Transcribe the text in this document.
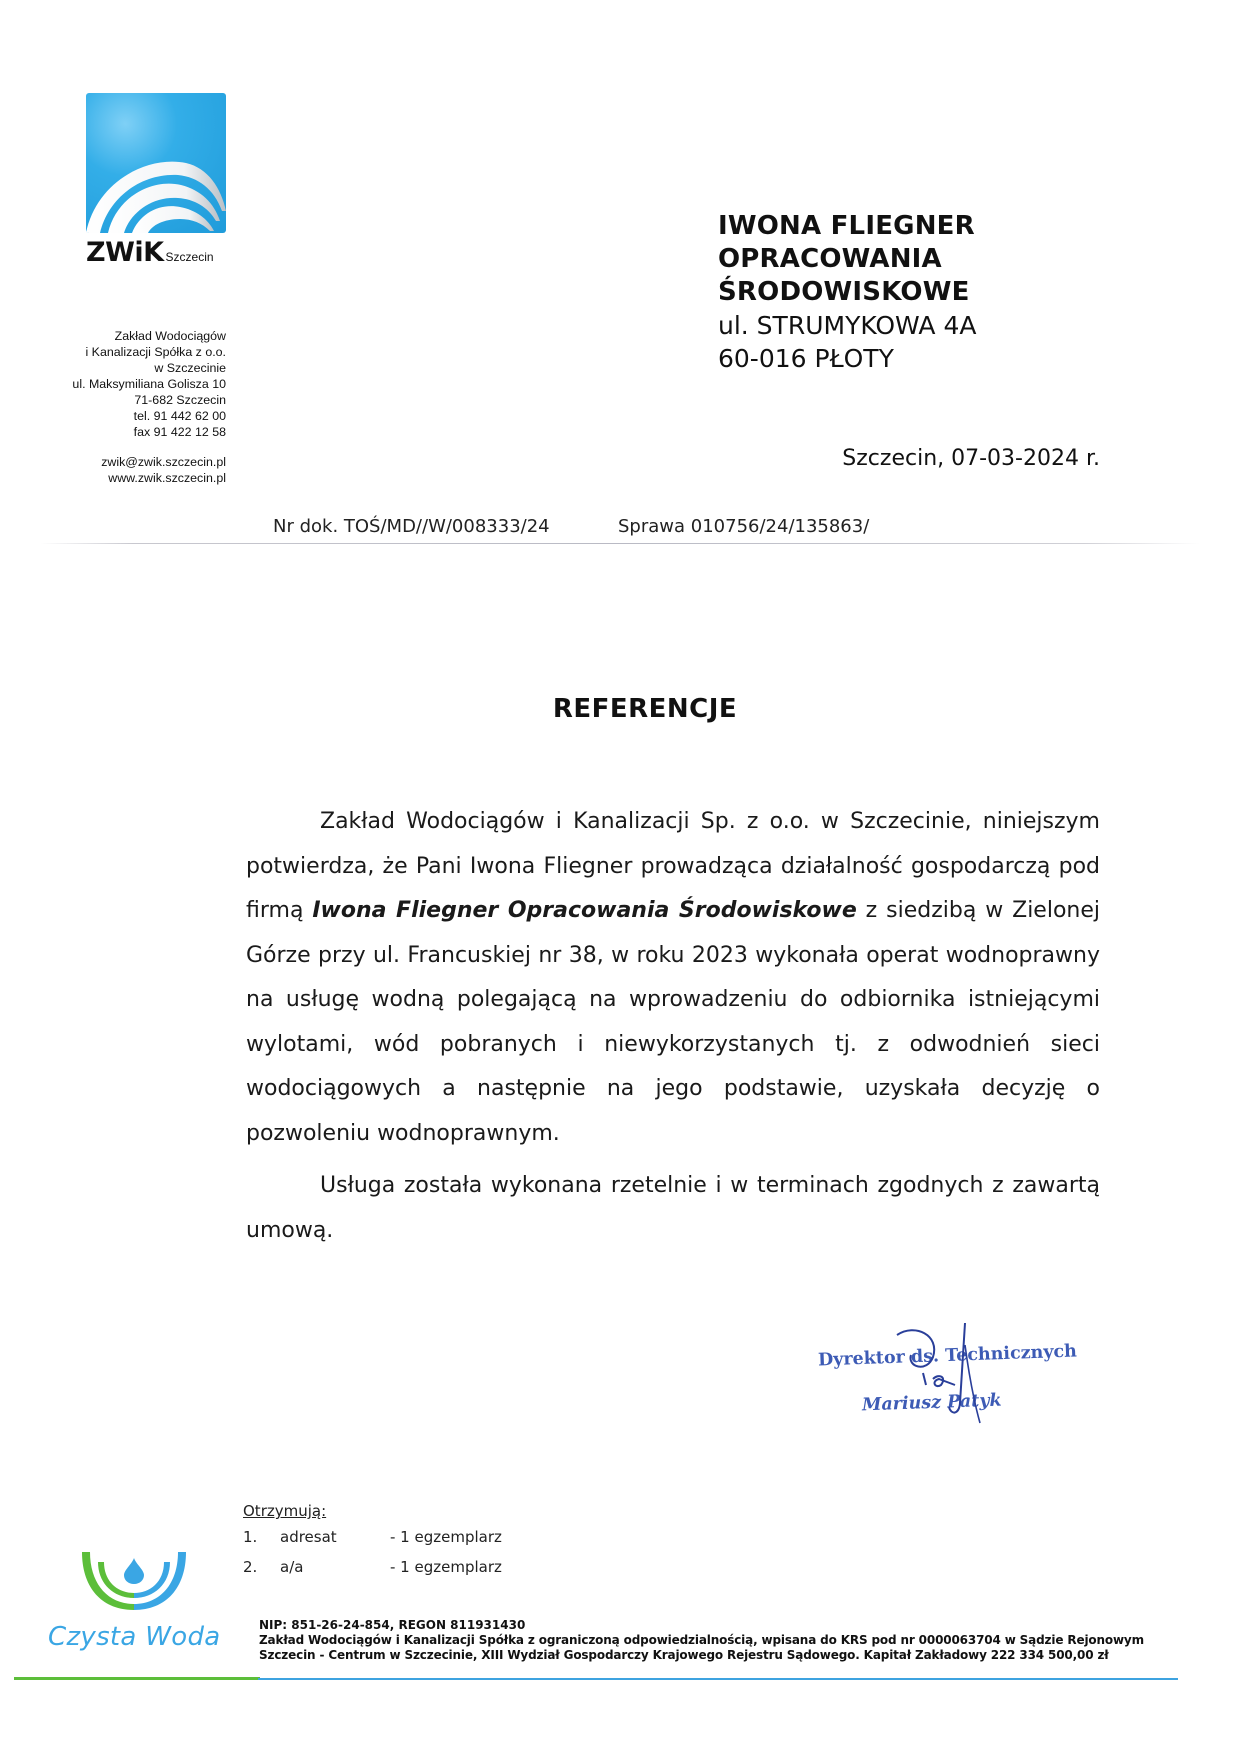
ZWiK Szczecin
Zakład Wodociągów
i Kanalizacji Spółka z o.o.
w Szczecinie
ul. Maksymiliana Golisza 10
71-682 Szczecin
tel. 91 442 62 00
fax 91 422 12 58
zwik@zwik.szczecin.pl
www.zwik.szczecin.pl
IWONA FLIEGNER
OPRACOWANIA
ŚRODOWISKOWE
ul. STRUMYKOWA 4A
60-016 PŁOTY
Szczecin, 07-03-2024 r.
Nr dok. TOŚ/MD//W/008333/24	Sprawa 010756/24/135863/
REFERENCJE

Zakład Wodociągów i Kanalizacji Sp. z o.o. w Szczecinie, niniejszym potwierdza, że Pani Iwona Fliegner prowadząca działalność gospodarczą pod firmą Iwona Fliegner Opracowania Środowiskowe z siedzibą w Zielonej Górze przy ul. Francuskiej nr 38, w roku 2023 wykonała operat wodnoprawny na usługę wodną polegającą na wprowadzeniu do odbiornika istniejącymi wylotami, wód pobranych i niewykorzystanych tj. z odwodnień sieci wodociągowych a następnie na jego podstawie, uzyskała decyzję o pozwoleniu wodnoprawnym.

Usługa została wykonana rzetelnie i w terminach zgodnych z zawartą umową.

Dyrektor ds. Technicznych
Mariusz Patyk
Otrzymują:
1. adresat	- 1 egzemplarz
2. a/a	- 1 egzemplarz
Czysta Woda	NIP: 851-26-24-854, REGON 811931430
Zakład Wodociągów i Kanalizacji Spółka z ograniczoną odpowiedzialnością, wpisana do KRS pod nr 0000063704 w Sądzie Rejonowym
Szczecin - Centrum w Szczecinie, XIII Wydział Gospodarczy Krajowego Rejestru Sądowego. Kapitał Zakładowy 222 334 500,00 zł
